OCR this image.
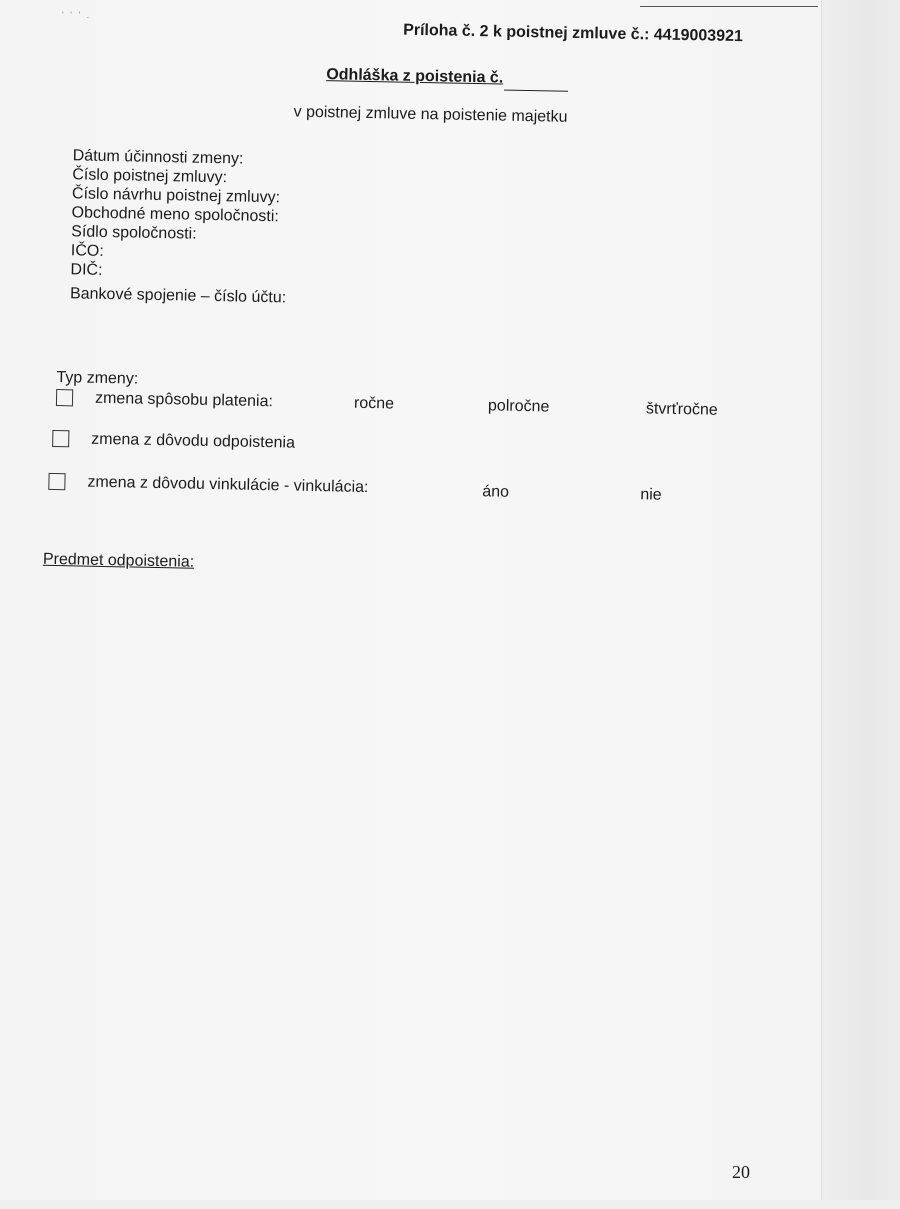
Príloha č. 2 k poistnej zmluve č.: 4419003921
Odhláška z poistenia č.
v poistnej zmluve na poistenie majetku
Dátum účinnosti zmeny:
Číslo poistnej zmluvy:
Číslo návrhu poistnej zmluvy:
Obchodné meno spoločnosti:
Sídlo spoločnosti:
IČO:
DIČ:
Bankové spojenie – číslo účtu:
Typ zmeny:
zmena spôsobu platenia:	ročne	polročne	štvrťročne
zmena z dôvodu odpoistenia
zmena z dôvodu vinkulácie - vinkulácia:	áno	nie
Predmet odpoistenia:
20
' ' ' .
